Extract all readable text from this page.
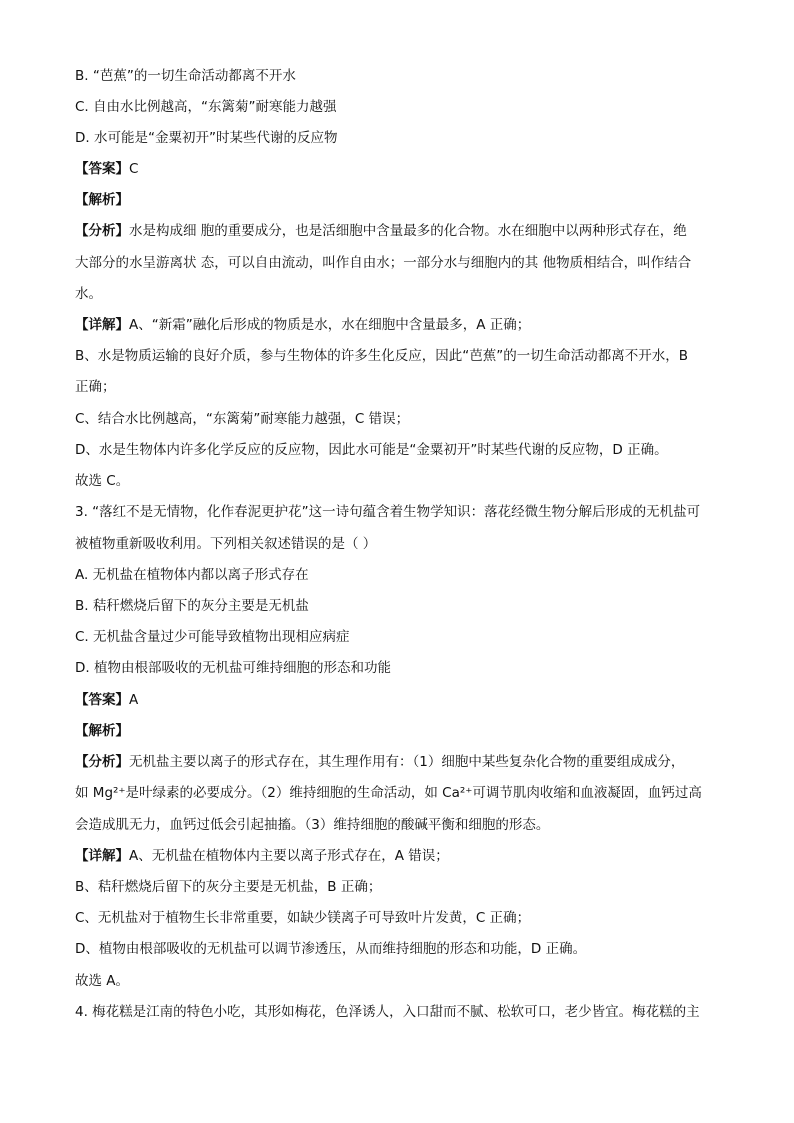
B. “芭蕉”的一切生命活动都离不开水
C. 自由水比例越高，“东篱菊”耐寒能力越强
D. 水可能是“金粟初开”时某些代谢的反应物
【答案】C
【解析】
【分析】水是构成细 胞的重要成分，也是活细胞中含量最多的化合物。水在细胞中以两种形式存在，绝
大部分的水呈游离状 态，可以自由流动，叫作自由水；一部分水与细胞内的其 他物质相结合，叫作结合
水。
【详解】A、“新霜”融化后形成的物质是水，水在细胞中含量最多，A 正确；
B、水是物质运输的良好介质，参与生物体的许多生化反应，因此“芭蕉”的一切生命活动都离不开水，B
正确；
C、结合水比例越高，“东篱菊”耐寒能力越强，C 错误；
D、水是生物体内许多化学反应的反应物，因此水可能是“金粟初开”时某些代谢的反应物，D 正确。
故选 C。
3. “落红不是无情物，化作春泥更护花”这一诗句蕴含着生物学知识：落花经微生物分解后形成的无机盐可
被植物重新吸收利用。下列相关叙述错误的是（ ）
A. 无机盐在植物体内都以离子形式存在
B. 秸秆燃烧后留下的灰分主要是无机盐
C. 无机盐含量过少可能导致植物出现相应病症
D. 植物由根部吸收的无机盐可维持细胞的形态和功能
【答案】A
【解析】
【分析】无机盐主要以离子的形式存在，其生理作用有：（1）细胞中某些复杂化合物的重要组成成分，
如 Mg²⁺是叶绿素的必要成分。（2）维持细胞的生命活动，如 Ca²⁺可调节肌肉收缩和血液凝固，血钙过高
会造成肌无力，血钙过低会引起抽搐。（3）维持细胞的酸碱平衡和细胞的形态。
【详解】A、无机盐在植物体内主要以离子形式存在，A 错误；
B、秸秆燃烧后留下的灰分主要是无机盐，B 正确；
C、无机盐对于植物生长非常重要，如缺少镁离子可导致叶片发黄，C 正确；
D、植物由根部吸收的无机盐可以调节渗透压，从而维持细胞的形态和功能，D 正确。
故选 A。
4. 梅花糕是江南的特色小吃，其形如梅花，色泽诱人，入口甜而不腻、松软可口，老少皆宜。梅花糕的主
